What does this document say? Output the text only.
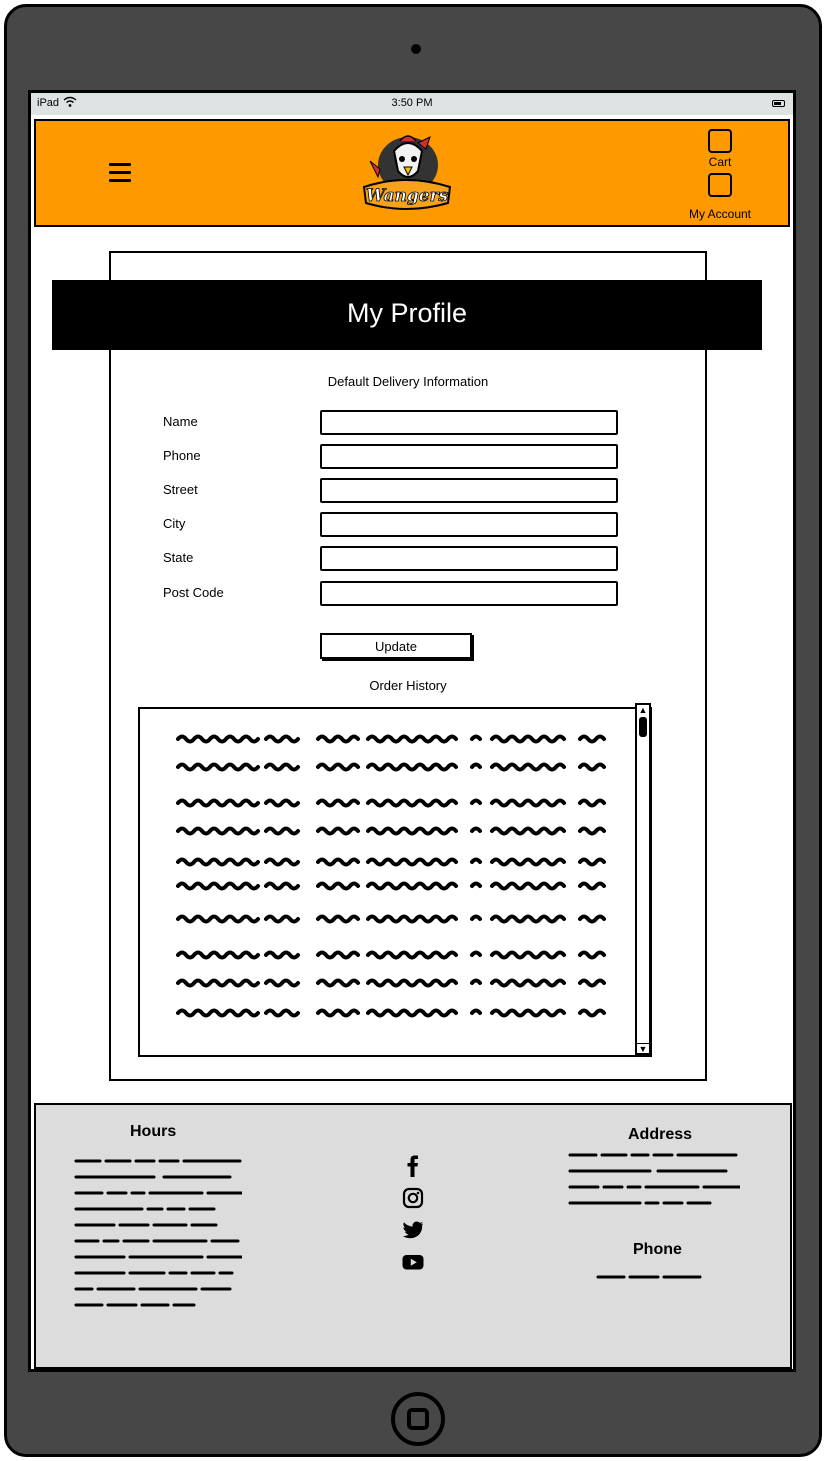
iPad	3:50 PM
Wangers
Cart
My Account
My Profile
Default Delivery Information
Name
Phone
Street
City
State
Post Code
Update
Order History
▲
▼
Hours	Address
Phone
